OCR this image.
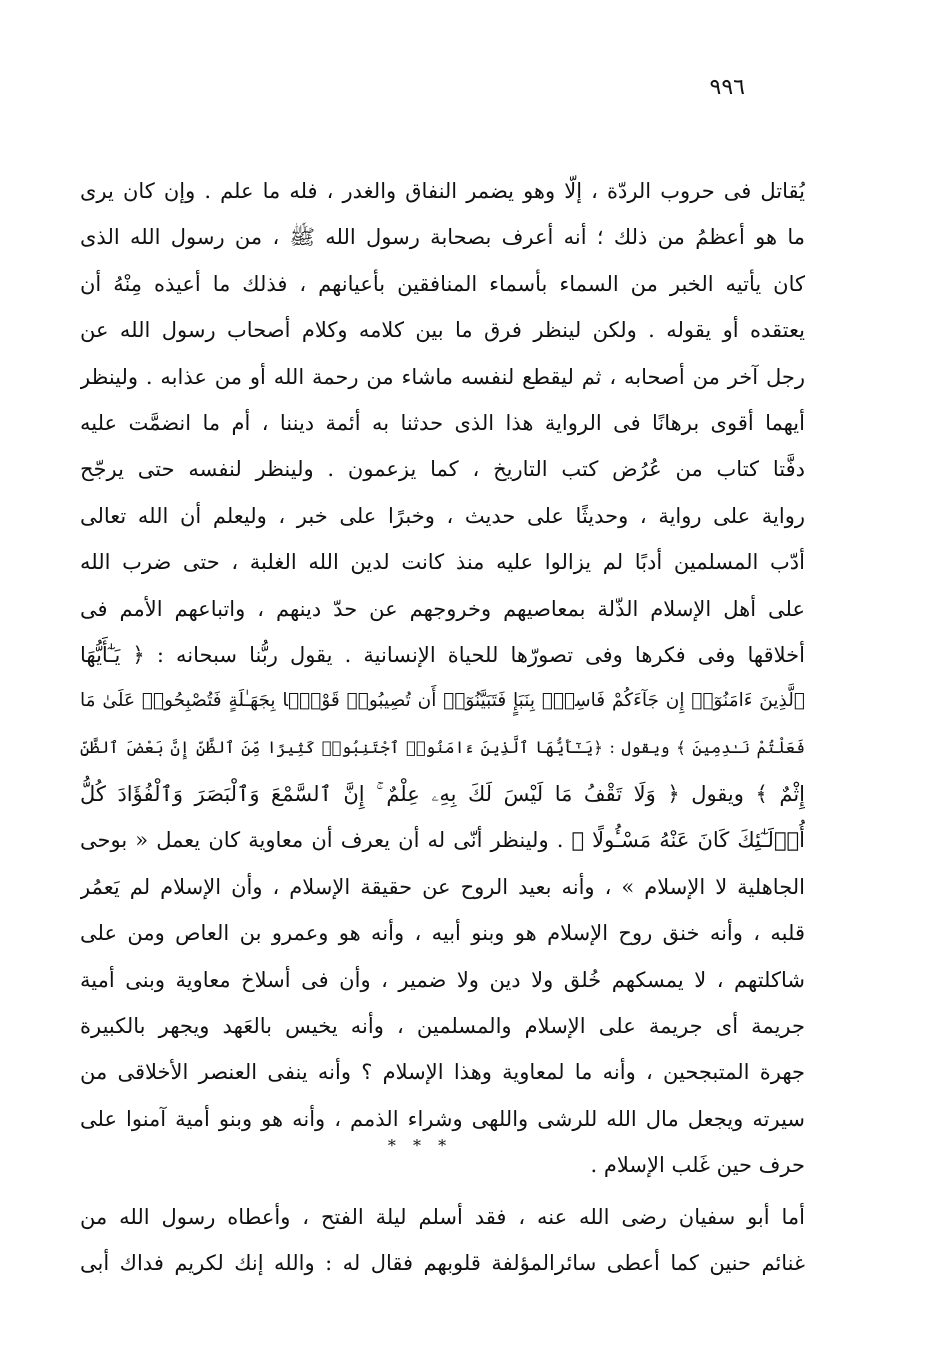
٩٩٦
يُقاتل فى حروب الردّة ، إلّا وهو يضمر النفاق والغدر ، فله ما علم . وإن كان يرى
ما هو أعظمُ من ذلك ؛ أنه أعرف بصحابة رسول الله ﷺ ، من رسول الله الذى
كان يأتيه الخبر من السماء بأسماء المنافقين بأعيانهم ، فذلك ما أعيذه مِنْهُ أن
يعتقده أو يقوله . ولكن لينظر فرق ما بين كلامه وكلام أصحاب رسول الله عن
رجل آخر من أصحابه ، ثم ليقطع لنفسه ماشاء من رحمة الله أو من عذابه . ولينظر
أيهما أقوى برهانًا فى الرواية هذا الذى حدثنا به أئمة ديننا ، أم ما انضمَّت عليه
دفَّتا كتاب من عُرُض كتب التاريخ ، كما يزعمون . ولينظر لنفسه حتى يرجّح
رواية على رواية ، وحديثًا على حديث ، وخبرًا على خبر ، وليعلم أن الله تعالى
أدّب المسلمين أدبًا لم يزالوا عليه منذ كانت لدين الله الغلبة ، حتى ضرب الله
على أهل الإسلام الذّلة بمعاصيهم وخروجهم عن حدّ دينهم ، واتباعهم الأمم فى
أخلاقها وفى فكرها وفى تصورّها للحياة الإنسانية . يقول ربُّنا سبحانه : ﴿ يَـٰٓأَيُّهَا
ٱلَّذِينَ ءَامَنُوٓا۟ إِن جَآءَكُمْ فَاسِقٌۢ بِنَبَإٍ فَتَبَيَّنُوٓا۟ أَن تُصِيبُوا۟ قَوْمًۢا بِجَهَـٰلَةٍ فَتُصْبِحُوا۟ عَلَىٰ مَا
فَعَلْتُمْ نَـٰدِمِينَ ﴾ ويقول : ﴿يَـٰٓأَيُّهَا ٱلَّذِينَ ءَامَنُوا۟ ٱجْتَنِبُوا۟ كَثِيرًا مِّنَ ٱلظَّنِّ إِنَّ بَعْضَ ٱلظَّنِّ
إِثْمٌ ﴾ ويقول ﴿ وَلَا تَقْفُ مَا لَيْسَ لَكَ بِهِۦ عِلْمٌ ۚ إِنَّ ٱلسَّمْعَ وَٱلْبَصَرَ وَٱلْفُؤَادَ كُلُّ
أُو۟لَـٰٓئِكَ كَانَ عَنْهُ مَسْـُٔولًا ﴾ . ولينظر أنّى له أن يعرف أن معاوية كان يعمل « بوحى
الجاهلية لا الإسلام » ، وأنه بعيد الروح عن حقيقة الإسلام ، وأن الإسلام لم يَعمُر
قلبه ، وأنه خنق روح الإسلام هو وبنو أبيه ، وأنه هو وعمرو بن العاص ومن على
شاكلتهم ، لا يمسكهم خُلق ولا دين ولا ضمير ، وأن فى أسلاخ معاوية وبنى أمية
جريمة أى جريمة على الإسلام والمسلمين ، وأنه يخيس بالعَهد ويجهر بالكبيرة
جهرة المتبجحين ، وأنه ما لمعاوية وهذا الإسلام ؟ وأنه ينفى العنصر الأخلاقى من
سيرته ويجعل مال الله للرشى واللهى وشراء الذمم ، وأنه هو وبنو أمية آمنوا على
حرف حين غَلب الإسلام .
* * *
أما أبو سفيان رضى الله عنه ، فقد أسلم ليلة الفتح ، وأعطاه رسول الله من
غنائم حنين كما أعطى سائرالمؤلفة قلوبهم فقال له : والله إنك لكريم فداك أبى
